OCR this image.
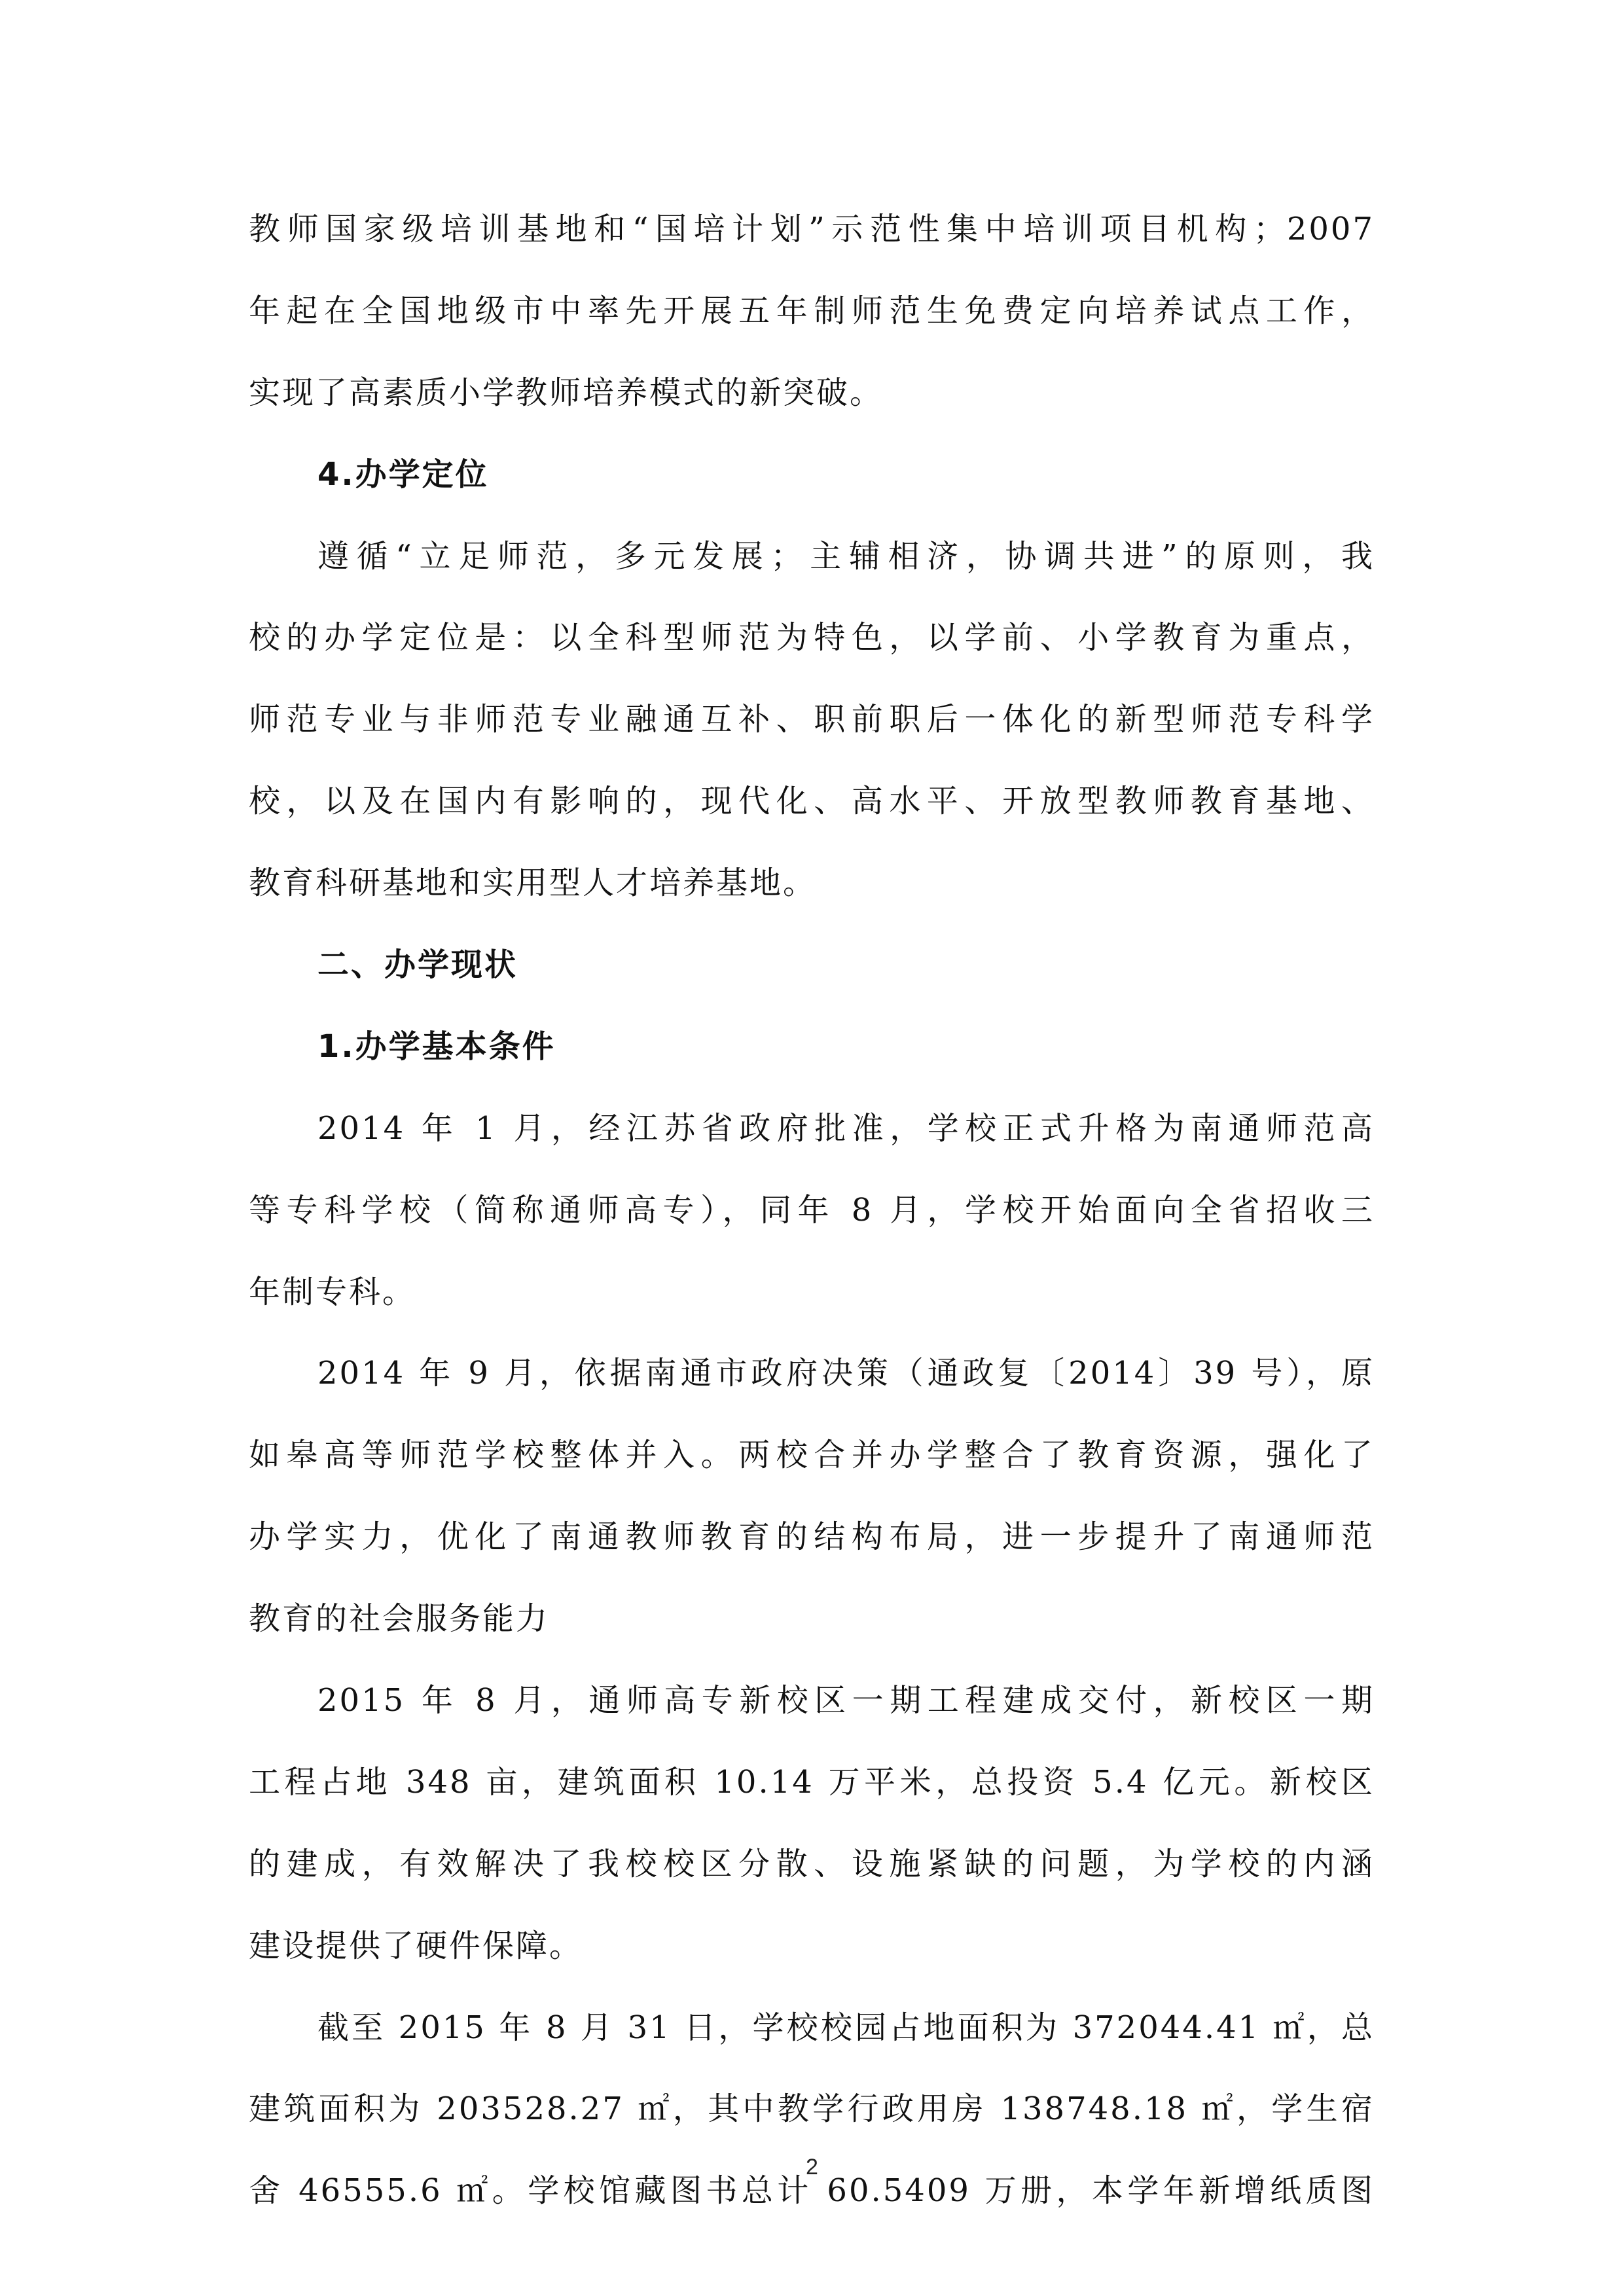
教师国家级培训基地和“国培计划”示范性集中培训项目机构；2007
年起在全国地级市中率先开展五年制师范生免费定向培养试点工作，
实现了高素质小学教师培养模式的新突破。
4.办学定位
遵循“立足师范，多元发展；主辅相济，协调共进”的原则，我
校的办学定位是：以全科型师范为特色，以学前、小学教育为重点，
师范专业与非师范专业融通互补、职前职后一体化的新型师范专科学
校，以及在国内有影响的，现代化、高水平、开放型教师教育基地、
教育科研基地和实用型人才培养基地。
二、办学现状
1.办学基本条件
2014 年 1 月，经江苏省政府批准，学校正式升格为南通师范高
等专科学校（简称通师高专），同年 8 月，学校开始面向全省招收三
年制专科。
2014 年 9 月，依据南通市政府决策（通政复〔2014〕39 号），原
如皋高等师范学校整体并入。两校合并办学整合了教育资源，强化了
办学实力，优化了南通教师教育的结构布局，进一步提升了南通师范
教育的社会服务能力
2015 年 8 月，通师高专新校区一期工程建成交付，新校区一期
工程占地 348 亩，建筑面积 10.14 万平米，总投资 5.4 亿元。新校区
的建成，有效解决了我校校区分散、设施紧缺的问题，为学校的内涵
建设提供了硬件保障。
截至 2015 年 8 月 31 日，学校校园占地面积为 372044.41 ㎡，总
建筑面积为 203528.27 ㎡，其中教学行政用房 138748.18 ㎡，学生宿
舍 46555.6 ㎡。学校馆藏图书总计 60.5409 万册，本学年新增纸质图
2
